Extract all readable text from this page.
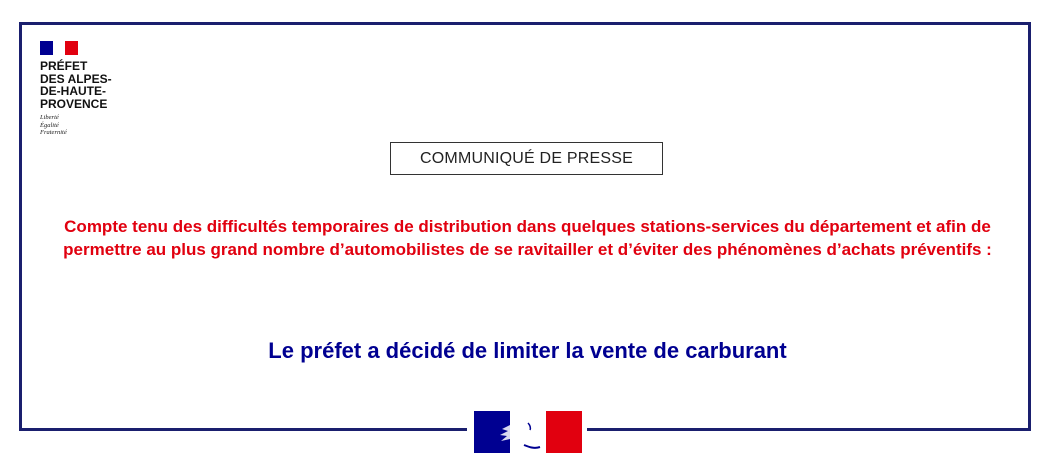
PRÉFET
DES ALPES-
DE-HAUTE-
PROVENCE
Liberté
Égalité
Fraternité
COMMUNIQUÉ DE PRESSE
Compte tenu des difficultés temporaires de distribution dans quelques stations-services du département et afin de permettre au plus grand nombre d’automobilistes de se ravitailler et d’éviter des phénomènes d’achats préventifs :
Le préfet a décidé de limiter la vente de carburant
